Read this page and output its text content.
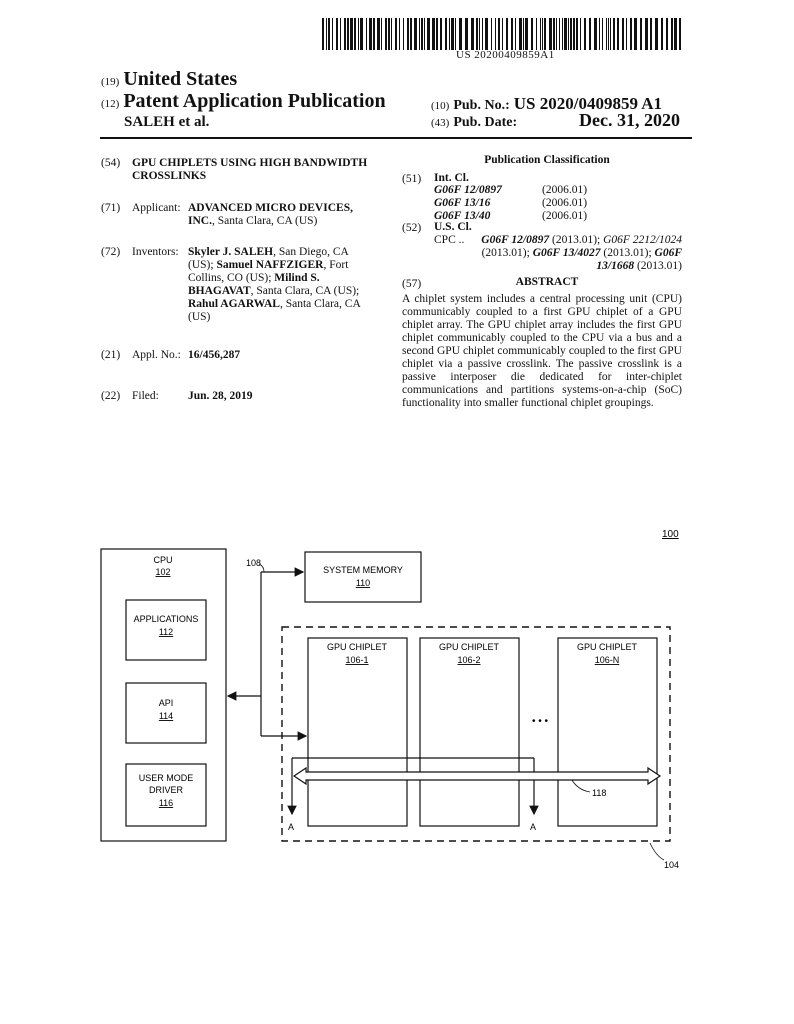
US 20200409859A1
(19) United States
(12) Patent Application Publication
SALEH et al.
(10) Pub. No.: US 2020/0409859 A1
(43) Pub. Date:	Dec. 31, 2020
(54) GPU CHIPLETS USING HIGH BANDWIDTH CROSSLINKS
(71) Applicant: ADVANCED MICRO DEVICES, INC., Santa Clara, CA (US)
(72) Inventors: Skyler J. SALEH, San Diego, CA (US); Samuel NAFFZIGER, Fort Collins, CO (US); Milind S. BHAGAVAT, Santa Clara, CA (US); Rahul AGARWAL, Santa Clara, CA (US)
(21) Appl. No.: 16/456,287
(22) Filed:	Jun. 28, 2019
Publication Classification
(51) Int. Cl.
G06F 12/0897	(2006.01)
G06F 13/16	(2006.01)
G06F 13/40	(2006.01)
(52) U.S. Cl.
CPC ..	G06F 12/0897 (2013.01); G06F 2212/1024 (2013.01); G06F 13/4027 (2013.01); G06F 13/1668 (2013.01)
(57)	ABSTRACT
A chiplet system includes a central processing unit (CPU) communicably coupled to a first GPU chiplet of a GPU chiplet array. The GPU chiplet array includes the first GPU chiplet communicably coupled to the CPU via a bus and a second GPU chiplet communicably coupled to the first GPU chiplet via a passive crosslink. The passive crosslink is a passive interposer die dedicated for inter-chiplet communications and partitions systems-on-a-chip (SoC) functionality into smaller functional chiplet groupings.
100
CPU
102
APPLICATIONS
112
API
114
USER MODE
DRIVER
116
SYSTEM MEMORY
110
108
GPU CHIPLET
106-1
GPU CHIPLET
106-2
GPU CHIPLET
106-N
• • •
118
A	A
104
